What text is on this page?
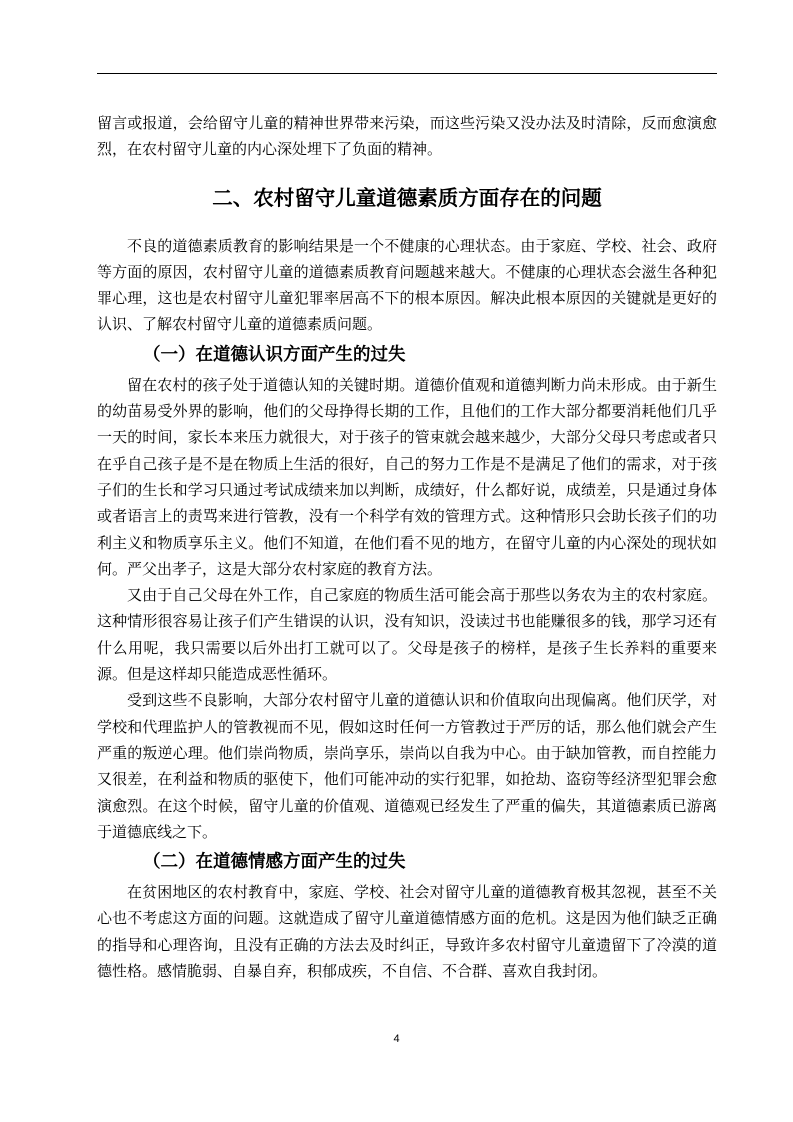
留言或报道，会给留守儿童的精神世界带来污染，而这些污染又没办法及时清除，反而愈演愈烈，在农村留守儿童的内心深处埋下了负面的精神。

二、农村留守儿童道德素质方面存在的问题

不良的道德素质教育的影响结果是一个不健康的心理状态。由于家庭、学校、社会、政府等方面的原因，农村留守儿童的道德素质教育问题越来越大。不健康的心理状态会滋生各种犯罪心理，这也是农村留守儿童犯罪率居高不下的根本原因。解决此根本原因的关键就是更好的认识、了解农村留守儿童的道德素质问题。

（一）在道德认识方面产生的过失

留在农村的孩子处于道德认知的关键时期。道德价值观和道德判断力尚未形成。由于新生的幼苗易受外界的影响，他们的父母挣得长期的工作，且他们的工作大部分都要消耗他们几乎一天的时间，家长本来压力就很大，对于孩子的管束就会越来越少，大部分父母只考虑或者只在乎自己孩子是不是在物质上生活的很好，自己的努力工作是不是满足了他们的需求，对于孩子们的生长和学习只通过考试成绩来加以判断，成绩好，什么都好说，成绩差，只是通过身体或者语言上的责骂来进行管教，没有一个科学有效的管理方式。这种情形只会助长孩子们的功利主义和物质享乐主义。他们不知道，在他们看不见的地方，在留守儿童的内心深处的现状如何。严父出孝子，这是大部分农村家庭的教育方法。

又由于自己父母在外工作，自己家庭的物质生活可能会高于那些以务农为主的农村家庭。这种情形很容易让孩子们产生错误的认识，没有知识，没读过书也能赚很多的钱，那学习还有什么用呢，我只需要以后外出打工就可以了。父母是孩子的榜样，是孩子生长养料的重要来源。但是这样却只能造成恶性循环。

受到这些不良影响，大部分农村留守儿童的道德认识和价值取向出现偏离。他们厌学，对学校和代理监护人的管教视而不见，假如这时任何一方管教过于严厉的话，那么他们就会产生严重的叛逆心理。他们崇尚物质，崇尚享乐，崇尚以自我为中心。由于缺加管教，而自控能力又很差，在利益和物质的驱使下，他们可能冲动的实行犯罪，如抢劫、盗窃等经济型犯罪会愈演愈烈。在这个时候，留守儿童的价值观、道德观已经发生了严重的偏失，其道德素质已游离于道德底线之下。

（二）在道德情感方面产生的过失

在贫困地区的农村教育中，家庭、学校、社会对留守儿童的道德教育极其忽视，甚至不关心也不考虑这方面的问题。这就造成了留守儿童道德情感方面的危机。这是因为他们缺乏正确的指导和心理咨询，且没有正确的方法去及时纠正，导致许多农村留守儿童遗留下了冷漠的道德性格。感情脆弱、自暴自弃，积郁成疾，不自信、不合群、喜欢自我封闭。

4
